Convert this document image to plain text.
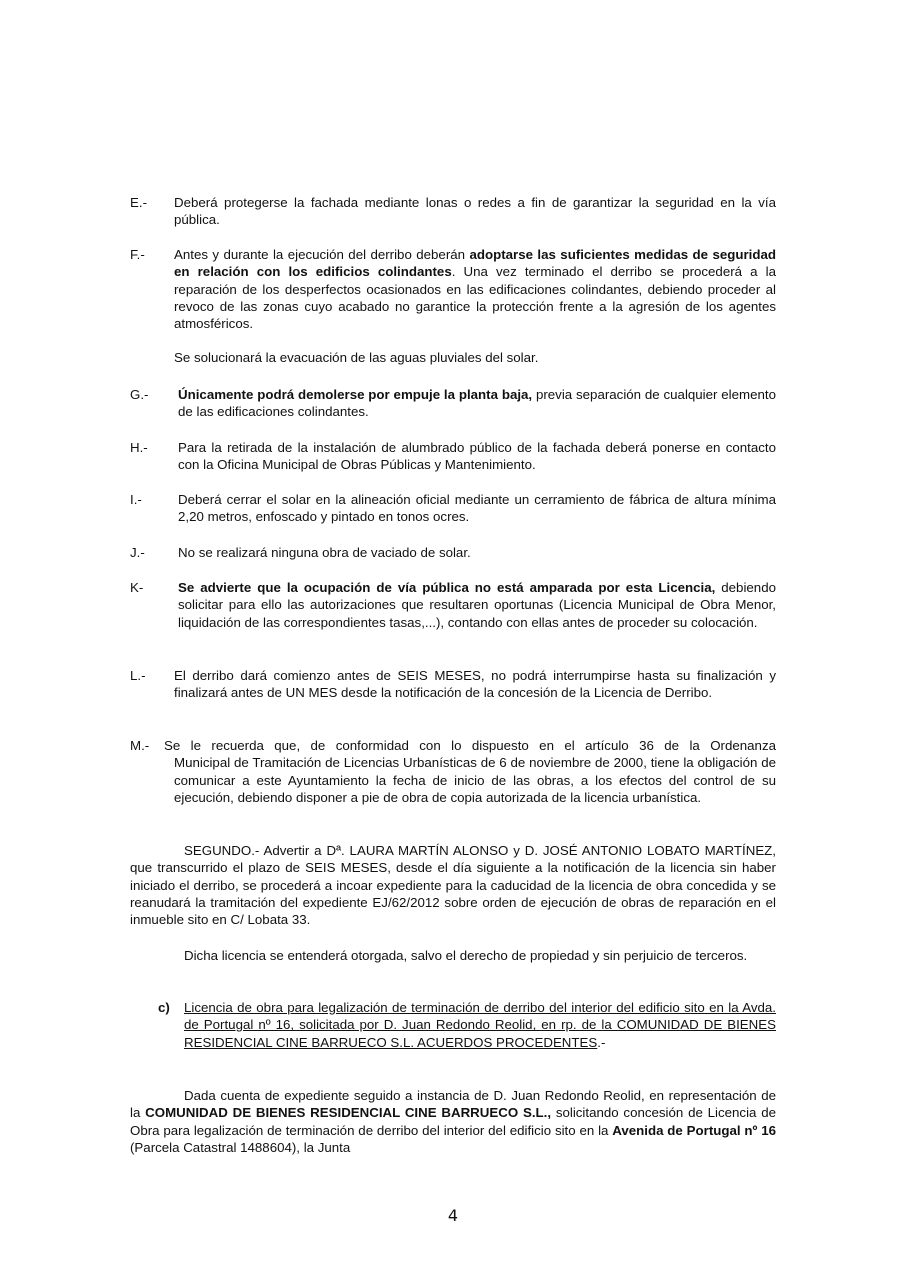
E.- Deberá protegerse la fachada mediante lonas o redes a fin de garantizar la seguridad en la vía pública.
F.- Antes y durante la ejecución del derribo deberán adoptarse las suficientes medidas de seguridad en relación con los edificios colindantes. Una vez terminado el derribo se procederá a la reparación de los desperfectos ocasionados en las edificaciones colindantes, debiendo proceder al revoco de las zonas cuyo acabado no garantice la protección frente a la agresión de los agentes atmosféricos.

Se solucionará la evacuación de las aguas pluviales del solar.

G.- Únicamente podrá demolerse por empuje la planta baja, previa separación de cualquier elemento de las edificaciones colindantes.
H.- Para la retirada de la instalación de alumbrado público de la fachada deberá ponerse en contacto con la Oficina Municipal de Obras Públicas y Mantenimiento.
I.-	Deberá cerrar el solar en la alineación oficial mediante un cerramiento de fábrica de altura mínima 2,20 metros, enfoscado y pintado en tonos ocres.
J.- No se realizará ninguna obra de vaciado de solar.
K-	Se advierte que la ocupación de vía pública no está amparada por esta Licencia, debiendo solicitar para ello las autorizaciones que resultaren oportunas (Licencia Municipal de Obra Menor, liquidación de las correspondientes tasas,...), contando con ellas antes de proceder su colocación.
L.- El derribo dará comienzo antes de SEIS MESES, no podrá interrumpirse hasta su finalización y finalizará antes de UN MES desde la notificación de la concesión de la Licencia de Derribo.
M.- Se le recuerda que, de conformidad con lo dispuesto en el artículo 36 de la Ordenanza
Municipal de Tramitación de Licencias Urbanísticas de 6 de noviembre de 2000, tiene la obligación de comunicar a este Ayuntamiento la fecha de inicio de las obras, a los efectos del control de su ejecución, debiendo disponer a pie de obra de copia autorizada de la licencia urbanística.
SEGUNDO.- Advertir a Dª. LAURA MARTÍN ALONSO y D. JOSÉ ANTONIO LOBATO MARTÍNEZ, que transcurrido el plazo de SEIS MESES, desde el día siguiente a la notificación de la licencia sin haber iniciado el derribo, se procederá a incoar expediente para la caducidad de la licencia de obra concedida y se reanudará la tramitación del expediente EJ/62/2012 sobre orden de ejecución de obras de reparación en el inmueble sito en C/ Lobata 33.
Dicha licencia se entenderá otorgada, salvo el derecho de propiedad y sin perjuicio de terceros.
c) Licencia de obra para legalización de terminación de derribo del interior del edificio sito en la Avda. de Portugal nº 16, solicitada por D. Juan Redondo Reolid, en rp. de la COMUNIDAD DE BIENES RESIDENCIAL CINE BARRUECO S.L. ACUERDOS PROCEDENTES.-
Dada cuenta de expediente seguido a instancia de D. Juan Redondo Reolid, en representación de la COMUNIDAD DE BIENES RESIDENCIAL CINE BARRUECO S.L., solicitando concesión de Licencia de Obra para legalización de terminación de derribo del interior del edificio sito en la Avenida de Portugal nº 16 (Parcela Catastral 1488604), la Junta
4
